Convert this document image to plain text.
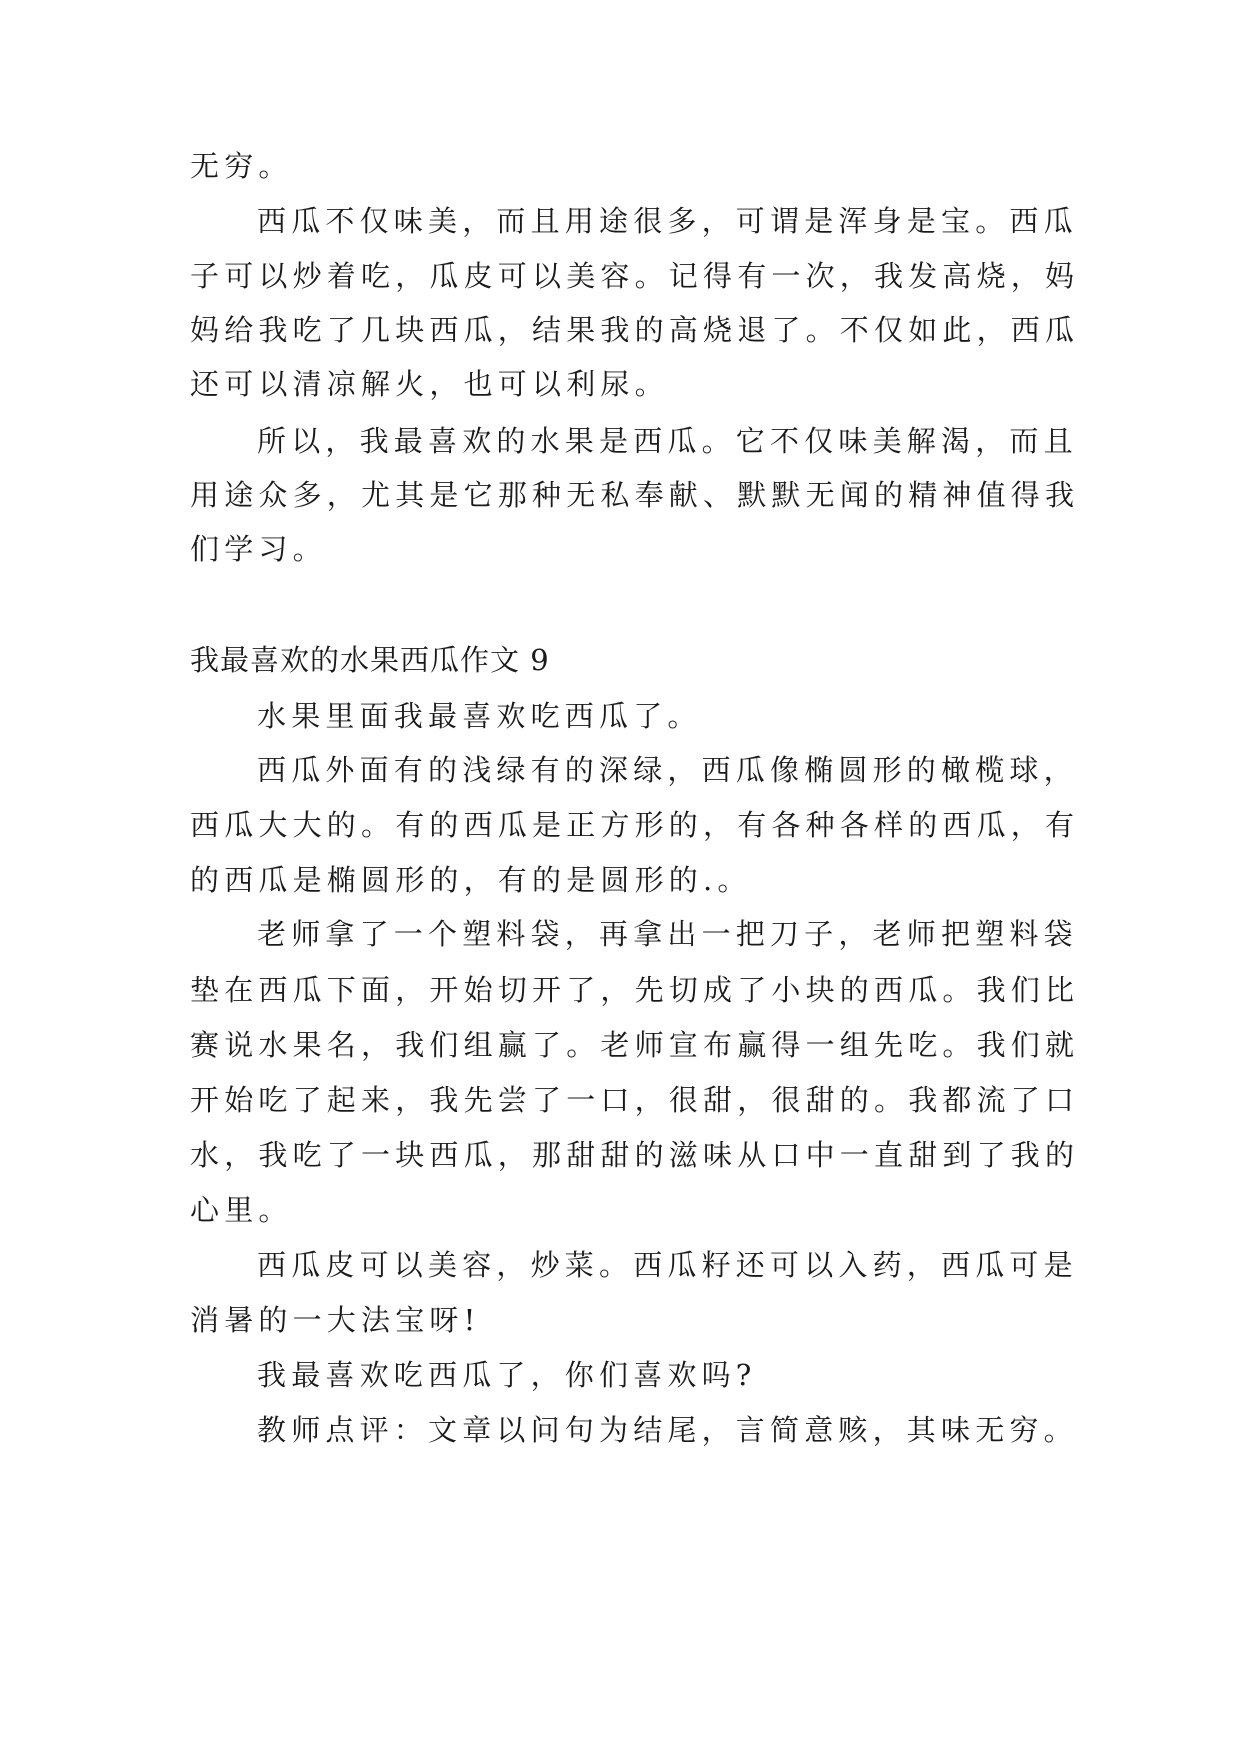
无穷。
西瓜不仅味美，而且用途很多，可谓是浑身是宝。西瓜
子可以炒着吃，瓜皮可以美容。记得有一次，我发高烧，妈
妈给我吃了几块西瓜，结果我的高烧退了。不仅如此，西瓜
还可以清凉解火，也可以利尿。
所以，我最喜欢的水果是西瓜。它不仅味美解渴，而且
用途众多，尤其是它那种无私奉献、默默无闻的精神值得我
们学习。
我最喜欢的水果西瓜作文 9
水果里面我最喜欢吃西瓜了。
西瓜外面有的浅绿有的深绿，西瓜像椭圆形的橄榄球，
西瓜大大的。有的西瓜是正方形的，有各种各样的西瓜，有
的西瓜是椭圆形的，有的是圆形的.。
老师拿了一个塑料袋，再拿出一把刀子，老师把塑料袋
垫在西瓜下面，开始切开了，先切成了小块的西瓜。我们比
赛说水果名，我们组赢了。老师宣布赢得一组先吃。我们就
开始吃了起来，我先尝了一口，很甜，很甜的。我都流了口
水，我吃了一块西瓜，那甜甜的滋味从口中一直甜到了我的
心里。
西瓜皮可以美容，炒菜。西瓜籽还可以入药，西瓜可是
消暑的一大法宝呀!
我最喜欢吃西瓜了，你们喜欢吗?
教师点评：文章以问句为结尾，言简意赅，其味无穷。
